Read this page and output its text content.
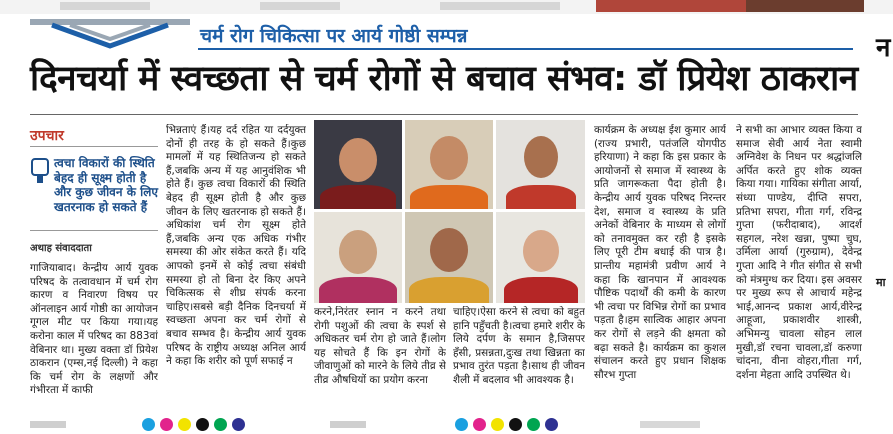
चर्म रोग चिकित्सा पर आर्य गोष्ठी सम्पन्न
दिनचर्या में स्वच्छता से चर्म रोगों से बचाव संभव: डॉ प्रियेश ठाकरान
न
मा
उपचार
त्वचा विकारों की स्थिति बेहद ही सूक्ष्म होती है और कुछ जीवन के लिए खतरनाक हो सकते हैं
अथाह संवाददाता

गाजियाबाद। केन्द्रीय आर्य युवक परिषद के तत्वावधान में चर्म रोग कारण व निवारण विषय पर ऑनलाइन आर्य गोष्ठी का आयोजन गूगल मीट पर किया गया।यह करोना काल में परिषद का 883वां वेबिनार था। मुख्य वक्ता डॉ प्रियेश ठाकरान (एम्स,नई दिल्ली) ने कहा कि चर्म रोग के लक्षणों और गंभीरता में काफी

भिन्नताएं हैं।यह दर्द रहित या दर्दयुक्त दोनों ही तरह के हो सकते हैं।कुछ मामलों में यह स्थितिजन्य हो सकते हैं,जबकि अन्य में यह आनुवंशिक भी होते हैं। कुछ त्वचा विकारों की स्थिति बेहद ही सूक्ष्म होती है और कुछ जीवन के लिए खतरनाक हो सकते हैं। अधिकांश चर्म रोग सूक्ष्म होते हैं,जबकि अन्य एक अधिक गंभीर समस्या की ओर संकेत करते हैं। यदि आपको इनमें से कोई त्वचा संबंधी समस्या हो तो बिना देर किए अपने चिकित्सक से शीघ्र संपर्क करना चाहिए।सबसे बड़ी दैनिक दिनचर्या में स्वच्छता अपना कर चर्म रोगों से बचाव सम्भव है। केन्द्रीय आर्य युवक परिषद के राष्ट्रीय अध्यक्ष अनिल आर्य ने कहा कि शरीर को पूर्ण सफाई न

करने,निरंतर स्नान न करने तथा रोगी पशुओं की त्वचा के स्पर्श से अधिकतर चर्म रोग हो जाते हैं।लोग यह सोचते हैं कि इन रोगों के जीवाणुओं को मारने के लिये तीव्र से तीव्र औषधियों का प्रयोग करना

चाहिए।ऐसा करने से त्वचा को बहुत हानि पहुँचती है।त्वचा हमारे शरीर के लिये दर्पण के समान है,जिसपर हँसी, प्रसन्नता,दुःख तथा खिन्नता का प्रभाव तुरंत पड़ता है।साथ ही जीवन शैली में बदलाव भी आवश्यक है।

कार्यक्रम के अध्यक्ष ईश कुमार आर्य (राज्य प्रभारी, पतंजलि योगपीठ हरियाणा) ने कहा कि इस प्रकार के आयोजनों से समाज में स्वास्थ्य के प्रति जागरूकता पैदा होती है।केन्द्रीय आर्य युवक परिषद निरन्तर देश, समाज व स्वास्थ्य के प्रति अनेकों वेबिनार के माध्यम से लोगों को तनावमुक्त कर रही है इसके लिए पूरी टीम बधाई की पात्र है। प्रान्तीय महामंत्री प्रवीण आर्य ने कहा कि खानपान में आवश्यक पौष्टिक पदार्थों की कमी के कारण भी त्वचा पर विभिन्न रोगों का प्रभाव पड़ता है।हम सात्विक आहार अपना कर रोगों से लड़ने की क्षमता को बढ़ा सकते है। कार्यक्रम का कुशल संचालन करते हुए प्रधान शिक्षक सौरभ गुप्ता

ने सभी का आभार व्यक्त किया व समाज सेवी आर्य नेता स्वामी अग्निवेश के निधन पर श्रद्धांजलि अर्पित करते हुए शोक व्यक्त किया गया। गायिका संगीता आर्या, संध्या पाण्डेय, दीप्ति सपरा, प्रतिभा सपरा, गीता गर्ग, रविन्द्र गुप्ता (फरीदाबाद), आदर्श सहगल, नरेश खन्ना, पुष्पा चुघ, उर्मिला आर्या (गुरुग्राम), देवेन्द्र गुप्ता आदि ने गीत संगीत से सभी को मंत्रमुग्ध कर दिया। इस अवसर पर मुख्य रूप से आचार्य महेन्द्र भाई,आनन्द प्रकाश आर्य,वीरेन्द्र आहूजा, प्रकाशवीर शास्त्री, अभिमन्यु चावला सोहन लाल मुखी,डॉ रचना चावला,डॉ करुणा चांदना, वीना वोहरा,गीता गर्ग, दर्शना मेहता आदि उपस्थित थे।
